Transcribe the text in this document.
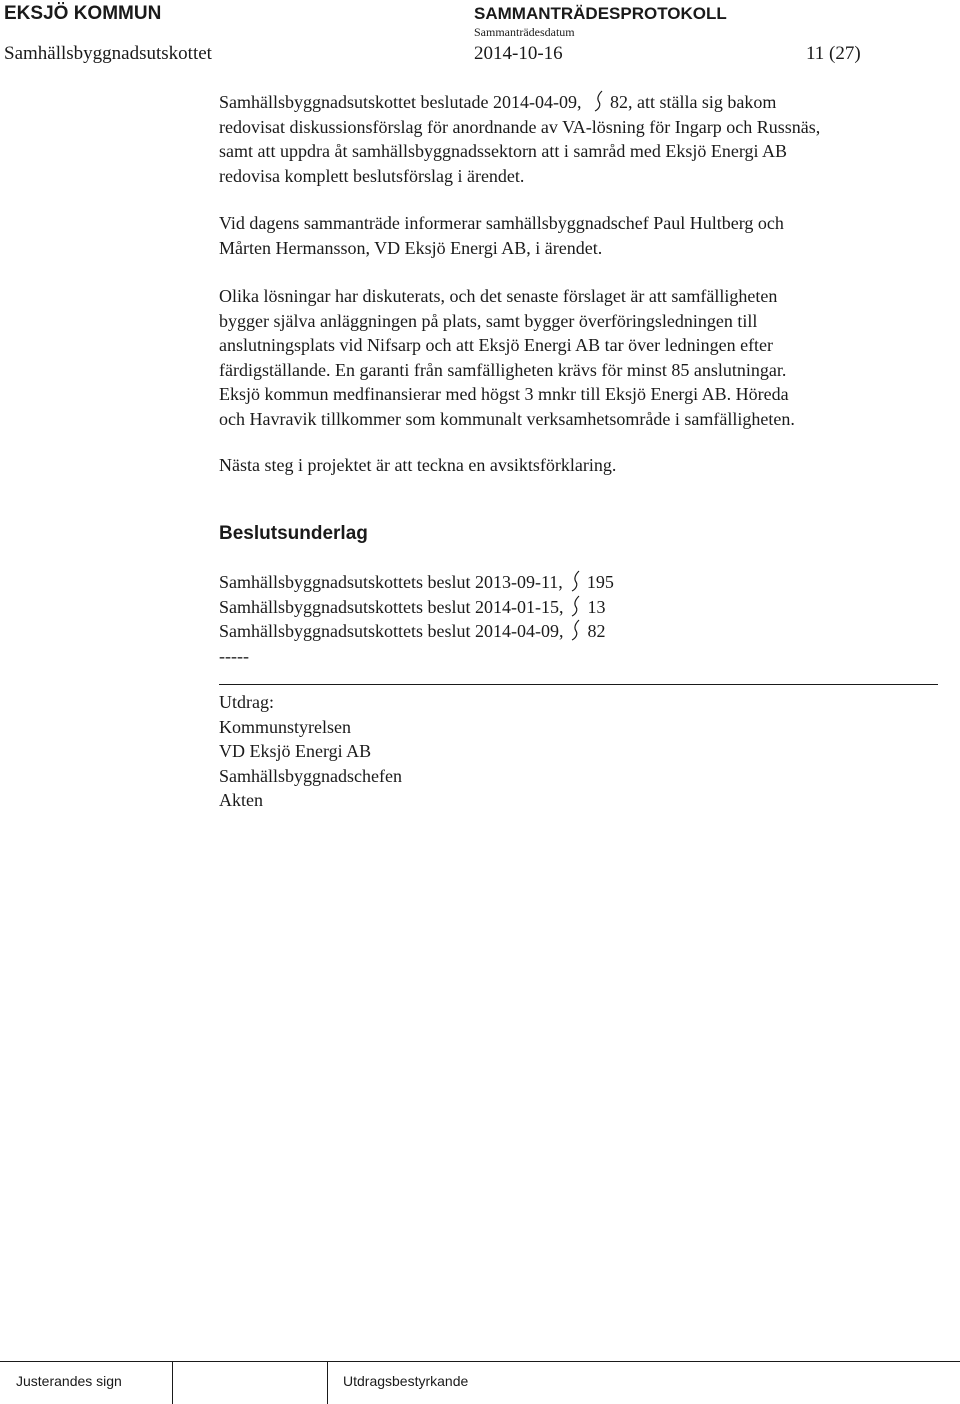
EKSJÖ KOMMUN	SAMMANTRÄDESPROTOKOLL
Sammanträdesdatum
Samhällsbyggnadsutskottet	2014-10-16	11 (27)
Samhällsbyggnadsutskottet beslutade 2014-04-09, 82, att ställa sig bakom
redovisat diskussionsförslag för anordnande av VA-lösning för Ingarp och Russnäs,
samt att uppdra åt samhällsbyggnadssektorn att i samråd med Eksjö Energi AB
redovisa komplett beslutsförslag i ärendet.
Vid dagens sammanträde informerar samhällsbyggnadschef Paul Hultberg och
Mårten Hermansson, VD Eksjö Energi AB, i ärendet.
Olika lösningar har diskuterats, och det senaste förslaget är att samfälligheten
bygger själva anläggningen på plats, samt bygger överföringsledningen till
anslutningsplats vid Nifsarp och att Eksjö Energi AB tar över ledningen efter
färdigställande. En garanti från samfälligheten krävs för minst 85 anslutningar.
Eksjö kommun medfinansierar med högst 3 mnkr till Eksjö Energi AB. Höreda
och Havravik tillkommer som kommunalt verksamhetsområde i samfälligheten.
Nästa steg i projektet är att teckna en avsiktsförklaring.
Beslutsunderlag
Samhällsbyggnadsutskottets beslut 2013-09-11, 195
Samhällsbyggnadsutskottets beslut 2014-01-15, 13
Samhällsbyggnadsutskottets beslut 2014-04-09, 82
-----
Utdrag:
Kommunstyrelsen
VD Eksjö Energi AB
Samhällsbyggnadschefen
Akten
Justerandes sign	Utdragsbestyrkande
